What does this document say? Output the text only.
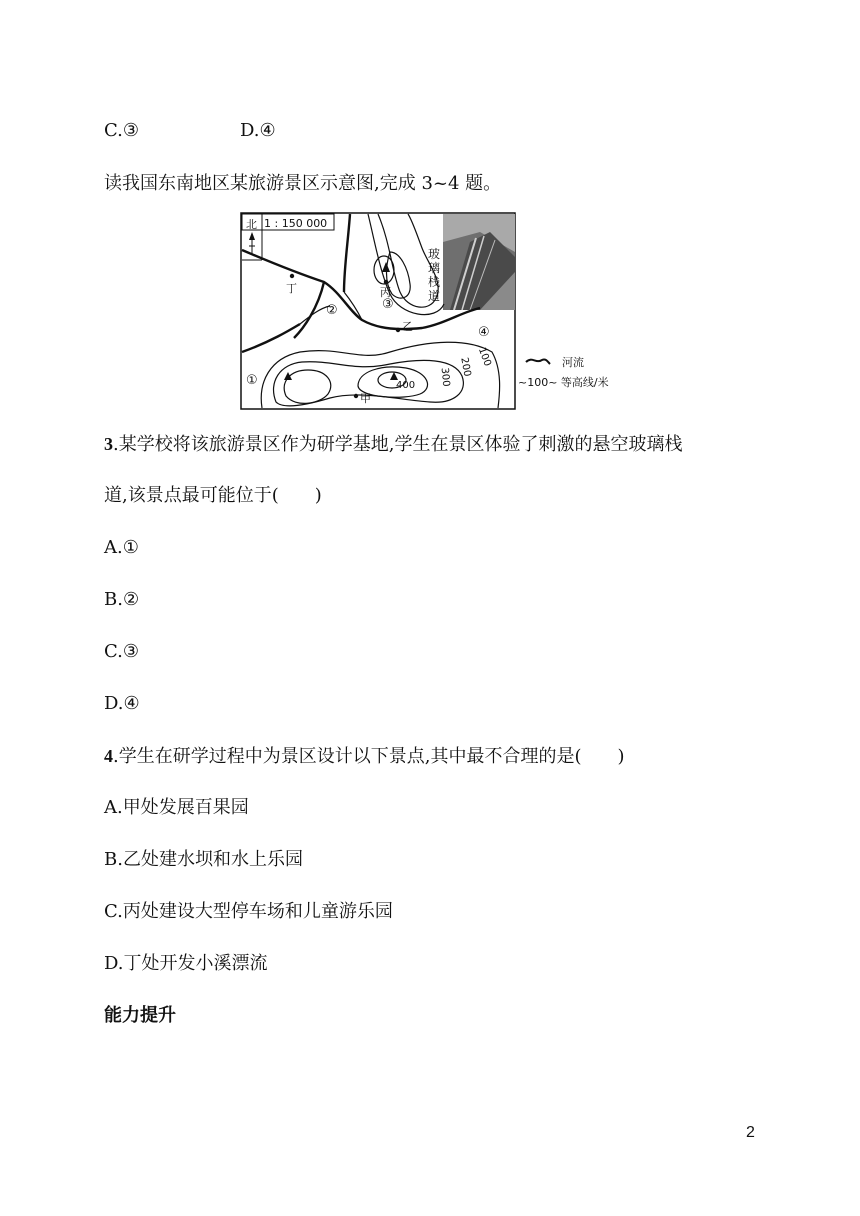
C.③	D.④
读我国东南地区某旅游景区示意图,完成 3~4 题。
1 : 150 000
北
丁	丙
乙
甲
③
②
④
①
100
200
300
400
玻
璃
栈
道
河流
~100~ 等高线/米
3.某学校将该旅游景区作为研学基地,学生在景区体验了刺激的悬空玻璃栈
道,该景点最可能位于(　　)
A.①
B.②
C.③
D.④
4.学生在研学过程中为景区设计以下景点,其中最不合理的是(　　)
A.甲处发展百果园
B.乙处建水坝和水上乐园
C.丙处建设大型停车场和儿童游乐园
D.丁处开发小溪漂流
能力提升
2
